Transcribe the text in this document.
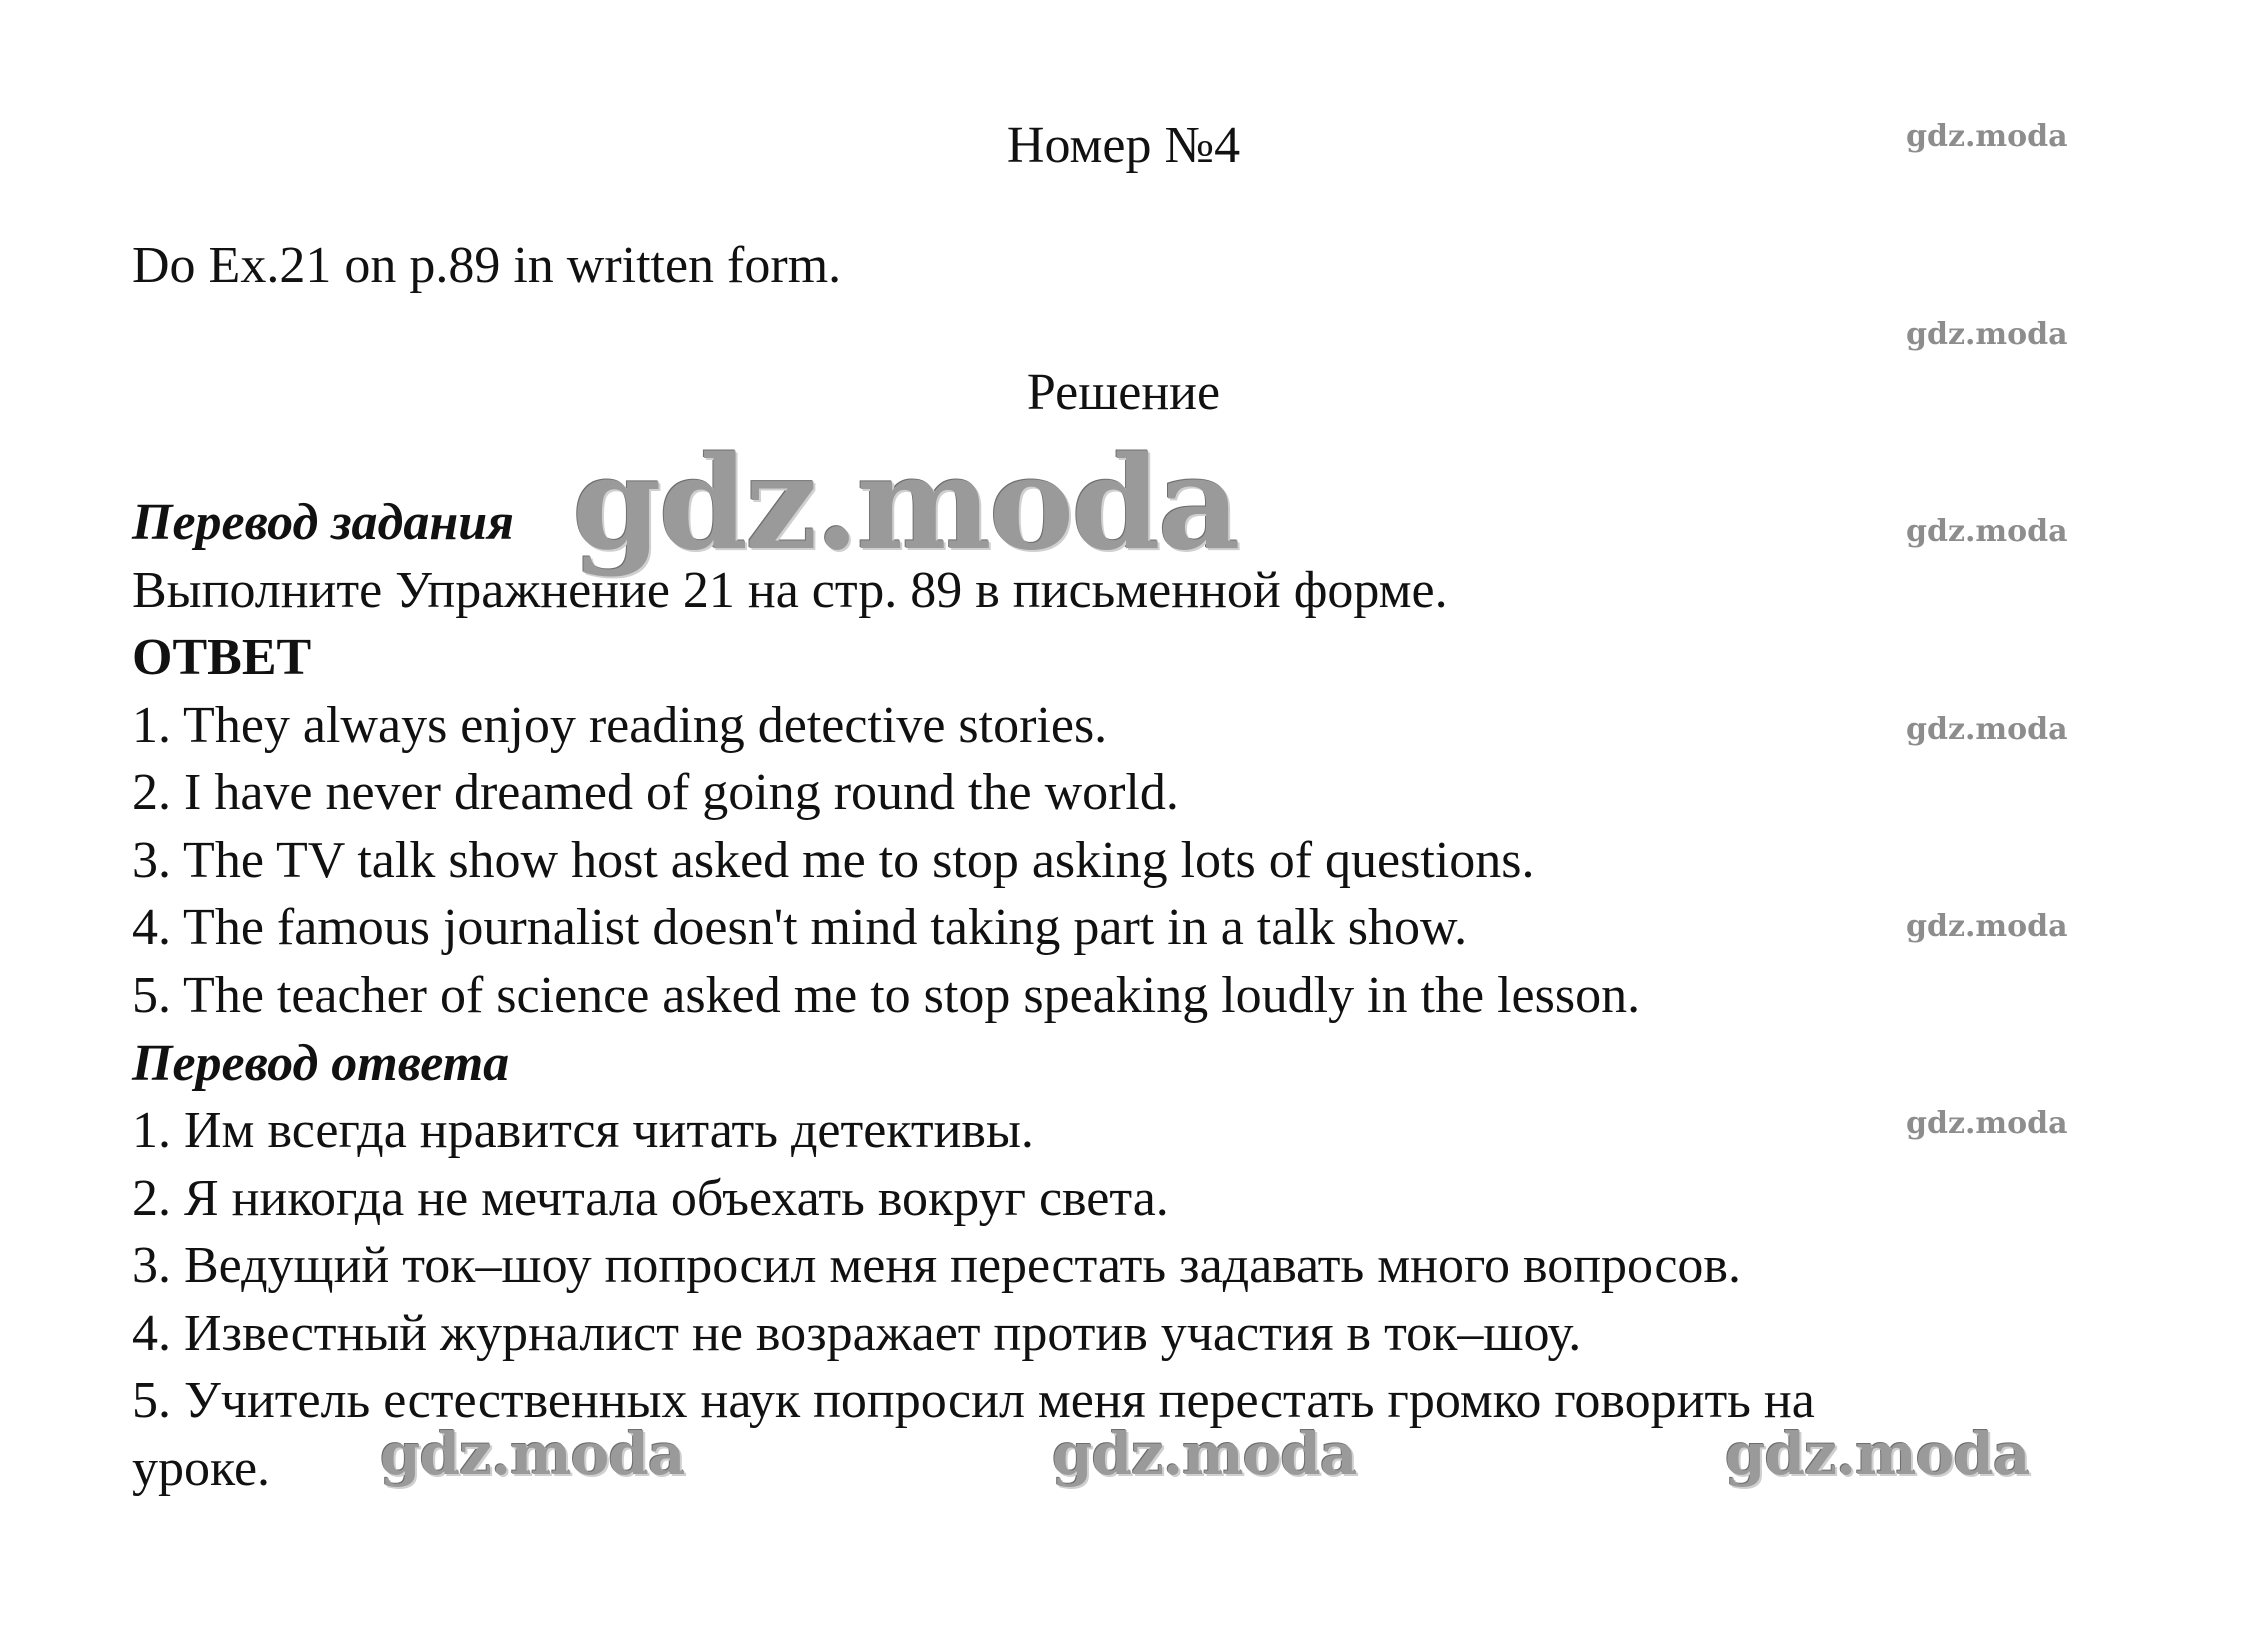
Номер №4
Do Ex.21 on p.89 in written form.
Решение
Перевод задания
Выполните Упражнение 21 на стр. 89 в письменной форме.
ОТВЕТ
1. They always enjoy reading detective stories.
2. I have never dreamed of going round the world.
3. The TV talk show host asked me to stop asking lots of questions.
4. The famous journalist doesn't mind taking part in a talk show.
5. The teacher of science asked me to stop speaking loudly in the lesson.
Перевод ответа
1. Им всегда нравится читать детективы.
2. Я никогда не мечтала объехать вокруг света.
3. Ведущий ток–шоу попросил меня перестать задавать много вопросов.
4. Известный журналист не возражает против участия в ток–шоу.
5. Учитель естественных наук попросил меня перестать громко говорить на
уроке.
gdz.moda
gdz.moda
gdz.moda
gdz.moda
gdz.moda
gdz.moda
gdz.moda
gdz.moda	gdz.moda	gdz.moda
